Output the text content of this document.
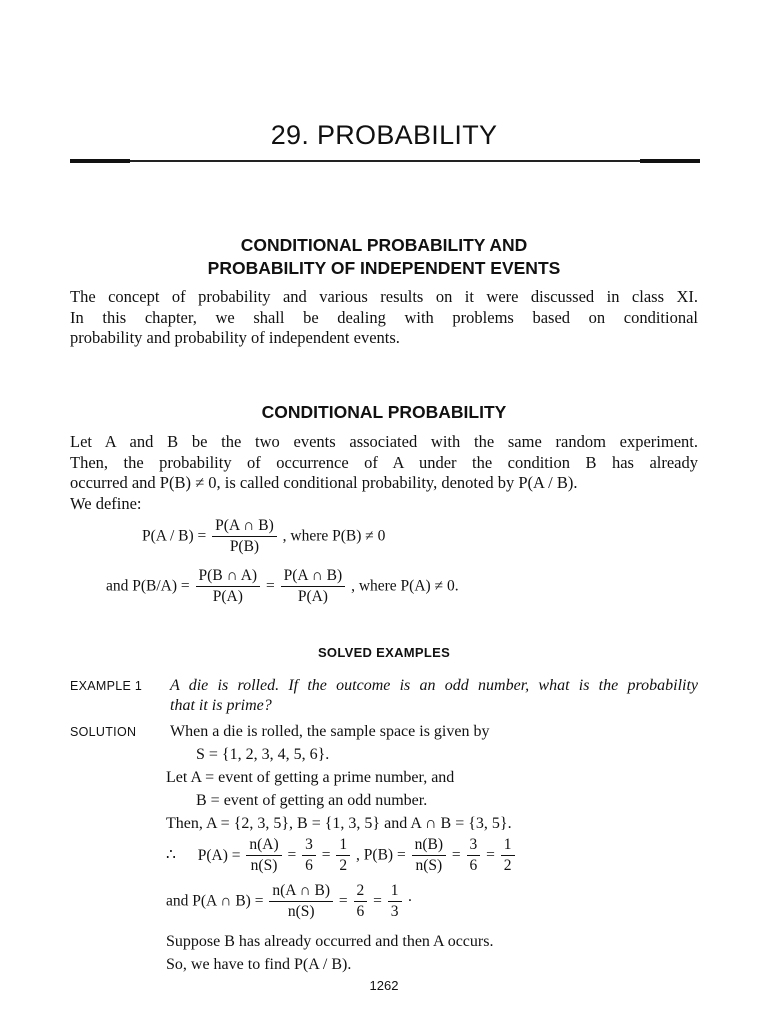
29. PROBABILITY
CONDITIONAL PROBABILITY AND
PROBABILITY OF INDEPENDENT EVENTS
The concept of probability and various results on it were discussed in class XI.
In this chapter, we shall be dealing with problems based on conditional
probability and probability of independent events.
CONDITIONAL PROBABILITY
Let A and B be the two events associated with the same random experiment.
Then, the probability of occurrence of A under the condition B has already
occurred and P(B) ≠ 0, is called conditional probability, denoted by P(A / B).
We define:
$P(A / B) = \frac{P(A \cap B)}{P(B)}$ , where P(B) ≠ 0
and $P(B/A) = \frac{P(B \cap A)}{P(A)} = \frac{P(A \cap B)}{P(A)}$ , where P(A) ≠ 0.
SOLVED EXAMPLES
EXAMPLE 1 A die is rolled. If the outcome is an odd number, what is the probability
that it is prime?
SOLUTION When a die is rolled, the sample space is given by
S = {1, 2, 3, 4, 5, 6}.
Let A = event of getting a prime number, and
B = event of getting an odd number.
Then, A = {2, 3, 5}, B = {1, 3, 5} and A ∩ B = {3, 5}.
∴ $P(A) = \frac{n(A)}{n(S)} = \frac{3}{6} = \frac{1}{2}$ , $P(B) = \frac{n(B)}{n(S)} = \frac{3}{6} = \frac{1}{2}$
and P(A ∩ $B) = \frac{n(A \cap B)}{n(S)} = \frac{2}{6} = \frac{1}{3}$ ·
Suppose B has already occurred and then A occurs.
So, we have to find P(A / B).
1262
